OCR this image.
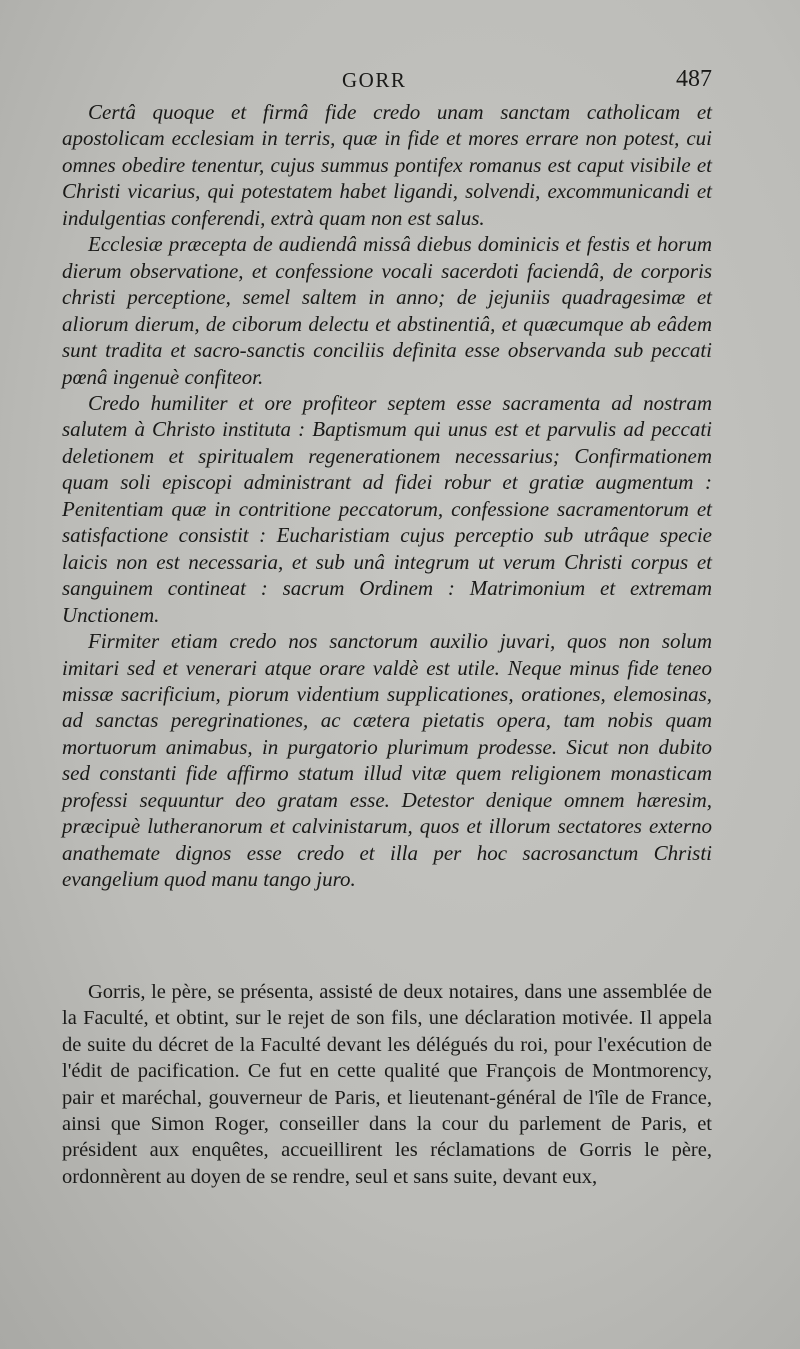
GORR	487

Certâ quoque et firmâ fide credo unam sanctam catholicam et apostolicam ecclesiam in terris, quæ in fide et mores errare non potest, cui omnes obedire tenentur, cujus summus pontifex romanus est caput visibile et Christi vicarius, qui potestatem habet ligandi, solvendi, excommunicandi et indulgentias conferendi, extrà quam non est salus.

Ecclesiæ præcepta de audiendâ missâ diebus dominicis et festis et horum dierum observatione, et confessione vocali sacerdoti faciendâ, de corporis christi perceptione, semel saltem in anno; de jejuniis quadragesimæ et aliorum dierum, de ciborum delectu et abstinentiâ, et quæcumque ab eâdem sunt tradita et sacro-sanctis conciliis definita esse observanda sub peccati pœnâ ingenuè confiteor.

Credo humiliter et ore profiteor septem esse sacramenta ad nostram salutem à Christo instituta : Baptismum qui unus est et parvulis ad peccati deletionem et spiritualem regenerationem necessarius; Confirmationem quam soli episcopi administrant ad fidei robur et gratiæ augmentum : Penitentiam quæ in contritione peccatorum, confessione sacramentorum et satisfactione consistit : Eucharistiam cujus perceptio sub utrâque specie laicis non est necessaria, et sub unâ integrum ut verum Christi corpus et sanguinem contineat : sacrum Ordinem : Matrimonium et extremam Unctionem.

Firmiter etiam credo nos sanctorum auxilio juvari, quos non solum imitari sed et venerari atque orare valdè est utile. Neque minus fide teneo missæ sacrificium, piorum videntium supplicationes, orationes, elemosinas, ad sanctas peregrinationes, ac cætera pietatis opera, tam nobis quam mortuorum animabus, in purgatorio plurimum prodesse. Sicut non dubito sed constanti fide affirmo statum illud vitæ quem religionem monasticam professi sequuntur deo gratam esse. Detestor denique omnem hæresim, præcipuè lutheranorum et calvinistarum, quos et illorum sectatores externo anathemate dignos esse credo et illa per hoc sacrosanctum Christi evangelium quod manu tango juro.

Gorris, le père, se présenta, assisté de deux notaires, dans une assemblée de la Faculté, et obtint, sur le rejet de son fils, une déclaration motivée. Il appela de suite du décret de la Faculté devant les délégués du roi, pour l'exécution de l'édit de pacification. Ce fut en cette qualité que François de Montmorency, pair et maréchal, gouverneur de Paris, et lieutenant-général de l'île de France, ainsi que Simon Roger, conseiller dans la cour du parlement de Paris, et président aux enquêtes, accueillirent les réclamations de Gorris le père, ordonnèrent au doyen de se rendre, seul et sans suite, devant eux,
